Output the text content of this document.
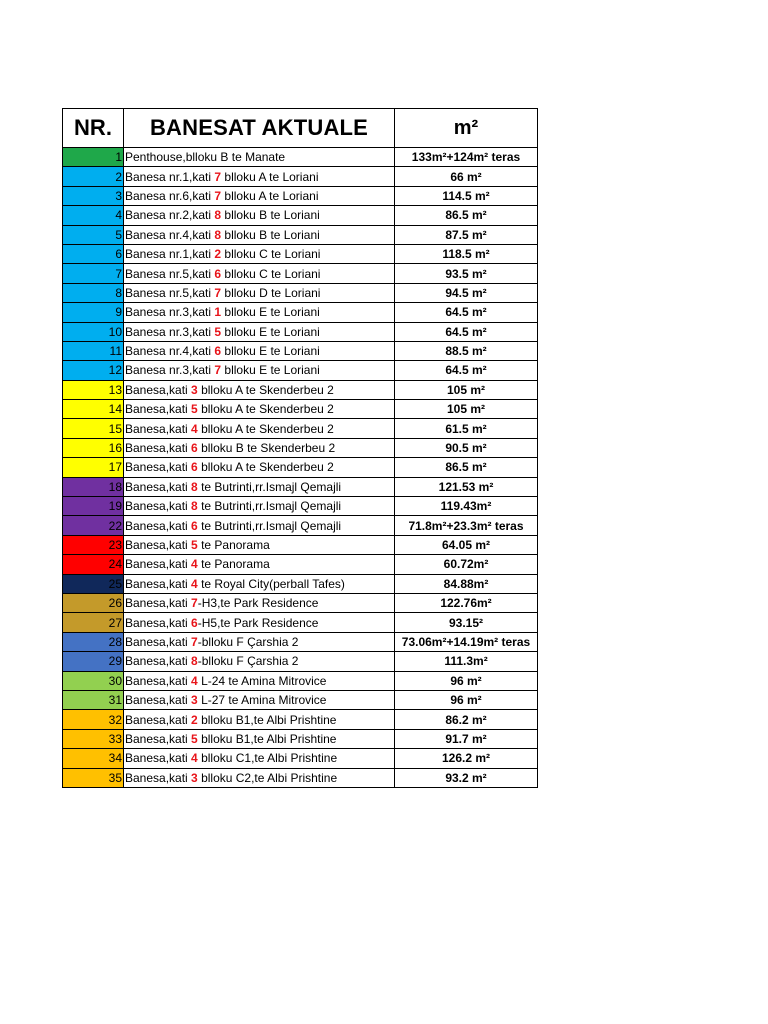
NR.	BANESAT AKTUALE	m²
1	Penthouse,blloku B te Manate	133m²+124m² teras
2	Banesa nr.1,kati 7 blloku A te Loriani	66 m²
3	Banesa nr.6,kati 7 blloku A te Loriani	114.5 m²
4	Banesa nr.2,kati 8 blloku B te Loriani	86.5 m²
5	Banesa nr.4,kati 8 blloku B te Loriani	87.5 m²
6	Banesa nr.1,kati 2 blloku C te Loriani	118.5 m²
7	Banesa nr.5,kati 6 blloku C te Loriani	93.5 m²
8	Banesa nr.5,kati 7 blloku D te Loriani	94.5 m²
9	Banesa nr.3,kati 1 blloku E te Loriani	64.5 m²
10	Banesa nr.3,kati 5 blloku E te Loriani	64.5 m²
11	Banesa nr.4,kati 6 blloku E te Loriani	88.5 m²
12	Banesa nr.3,kati 7 blloku E te Loriani	64.5 m²
13	Banesa,kati 3 blloku A te Skenderbeu 2	105 m²
14	Banesa,kati 5 blloku A te Skenderbeu 2	105 m²
15	Banesa,kati 4 blloku A te Skenderbeu 2	61.5 m²
16	Banesa,kati 6 blloku B te Skenderbeu 2	90.5 m²
17	Banesa,kati 6 blloku A te Skenderbeu 2	86.5 m²
18	Banesa,kati 8 te Butrinti,rr.Ismajl Qemajli	121.53 m²
19	Banesa,kati 8 te Butrinti,rr.Ismajl Qemajli	119.43m²
22	Banesa,kati 6 te Butrinti,rr.Ismajl Qemajli	71.8m²+23.3m² teras
23	Banesa,kati 5 te Panorama	64.05 m²
24	Banesa,kati 4 te Panorama	60.72m²
25	Banesa,kati 4 te Royal City(perball Tafes)	84.88m²
26	Banesa,kati 7-H3,te Park Residence	122.76m²
27	Banesa,kati 6-H5,te Park Residence	93.15²
28	Banesa,kati 7-blloku F Çarshia 2	73.06m²+14.19m² teras
29	Banesa,kati 8-blloku F Çarshia 2	111.3m²
30	Banesa,kati 4 L-24 te Amina Mitrovice	96 m²
31	Banesa,kati 3 L-27 te Amina Mitrovice	96 m²
32	Banesa,kati 2 blloku B1,te Albi Prishtine	86.2 m²
33	Banesa,kati 5 blloku B1,te Albi Prishtine	91.7 m²
34	Banesa,kati 4 blloku C1,te Albi Prishtine	126.2 m²
35	Banesa,kati 3 blloku C2,te Albi Prishtine	93.2 m²
